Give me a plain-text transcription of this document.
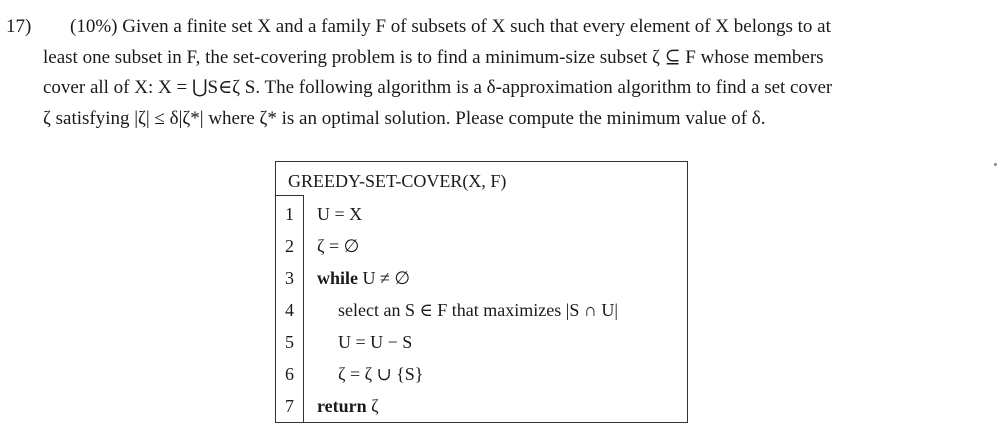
17) (10%) Given a finite set X and a family F of subsets of X such that every element of X belongs to at
least one subset in F, the set-covering problem is to find a minimum-size subset ζ ⊆ F whose members
cover all of X: X = ⋃S∈ζ S. The following algorithm is a δ-approximation algorithm to find a set cover
ζ satisfying |ζ| ≤ δ|ζ*| where ζ* is an optimal solution. Please compute the minimum value of δ.
GREEDY-SET-COVER(X, F)
1 U = X
2 ζ = ∅
3 while U ≠ ∅
4 select an S ∈ F that maximizes |S ∩ U|
5 U = U − S
6 ζ = ζ ∪ {S}
7 return ζ
